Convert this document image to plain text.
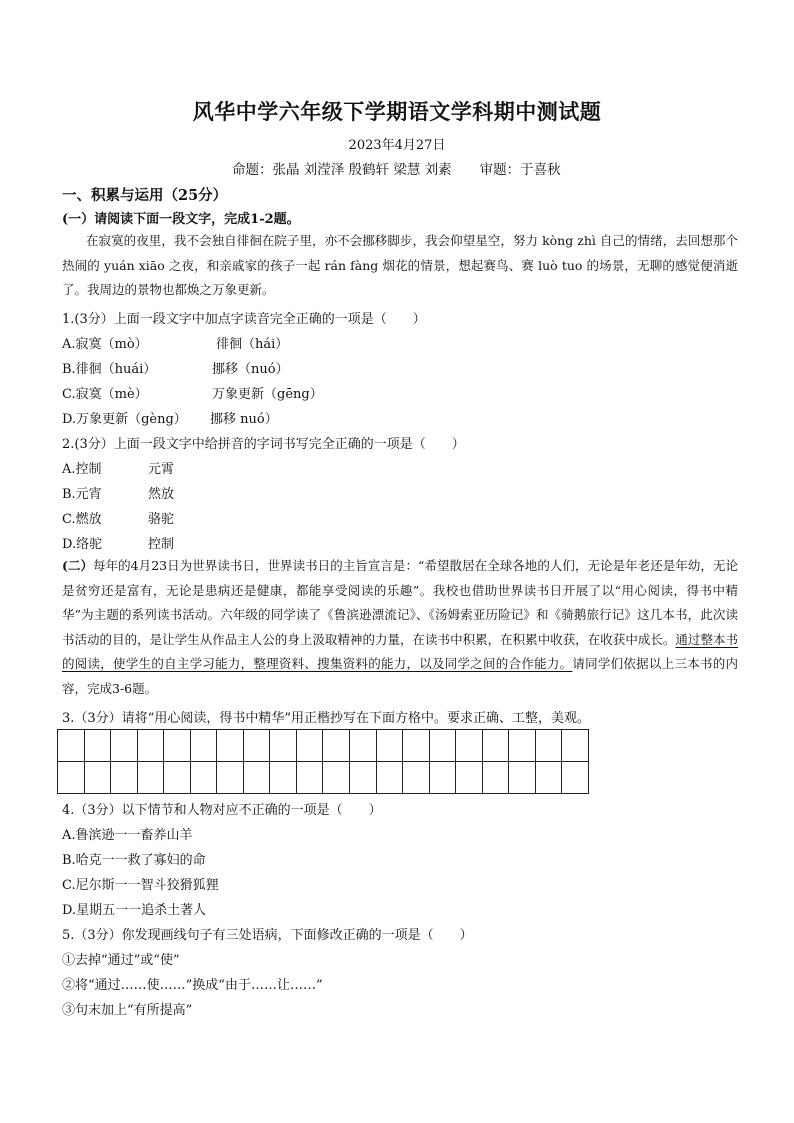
风华中学六年级下学期语文学科期中测试题
2023年4月27日
命题：张晶 刘滢泽 殷鹤轩 梁慧 刘素 审题：于喜秋
一、积累与运用（25分）
(一）请阅读下面一段文字，完成1-2题。
在寂寞的夜里，我不会独自徘徊在院子里，亦不会挪移脚步，我会仰望星空，努力 kòng zhì 自己的情绪，去回想那个热闹的 yuán xiāo 之夜，和亲戚家的孩子一起 rán fàng 烟花的情景，想起赛鸟、赛 luò tuo 的场景，无聊的感觉便消逝了。我周边的景物也都焕之万象更新。
1.(3分）上面一段文字中加点字读音完全正确的一项是（　　）
A.寂寞（mò）	徘徊（hái）
B.徘徊（huái）	挪移（nuó）
C.寂寞（mè）	万象更新（gēng）
D.万象更新（gèng） 挪移 nuó）
2.(3分）上面一段文字中给拼音的字词书写完全正确的一项是（　　）
A.控制	元霄
B.元宵	然放
C.燃放	骆驼
D.络驼	控制
(二）每年的4月23日为世界读书日，世界读书日的主旨宣言是：“希望散居在全球各地的人们，无论是年老还是年幼，无论是贫穷还是富有，无论是患病还是健康，都能享受阅读的乐趣”。我校也借助世界读书日开展了以“用心阅读，得书中精华”为主题的系列读书活动。六年级的同学读了《鲁滨逊漂流记》、《汤姆索亚历险记》和《骑鹅旅行记》这几本书，此次读书活动的目的，是让学生从作品主人公的身上汲取精神的力量，在读书中积累，在积累中收获，在收获中成长。通过整本书的阅读，使学生的自主学习能力，整理资料、搜集资料的能力，以及同学之间的合作能力。请同学们依据以上三本书的内容，完成3-6题。
3.（3分）请将“用心阅读，得书中精华”用正楷抄写在下面方格中。要求正确、工整，美观。

4.（3分）以下情节和人物对应不正确的一项是（　　）
A.鲁滨逊一一畜养山羊
B.哈克一一救了寡妇的命
C.尼尔斯一一智斗狡猾狐狸
D.星期五一一追杀土著人
5.（3分）你发现画线句子有三处语病，下面修改正确的一项是（　　）
①去掉“通过”或“使”
②将“通过……使……”换成“由于……让……”
③句末加上“有所提高”
